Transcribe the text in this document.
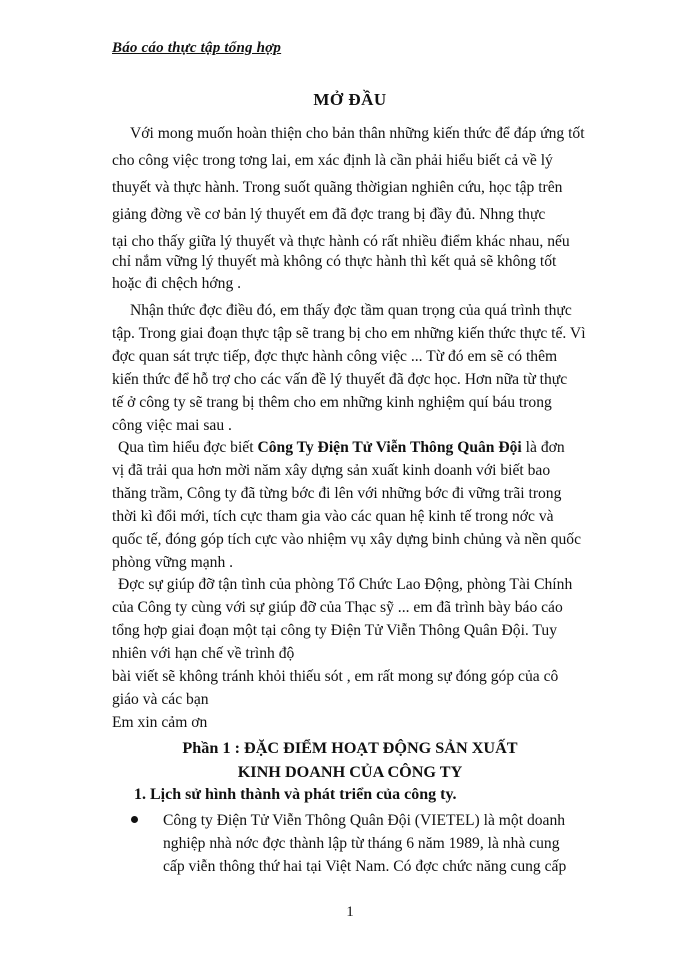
Báo cáo thực tập tổng hợp
MỞ ĐẦU
Với mong muốn hoàn thiện cho bản thân những kiến thức để đáp ứng tốt
cho công việc trong tơng lai, em xác định là cần phải hiểu biết cả về lý
thuyết và thực hành. Trong suốt quãng thờigian nghiên cứu, học tập trên
giảng đờng về cơ bản lý thuyết em đã đợc trang bị đầy đủ. Nhng thực
tại cho thấy giữa lý thuyết và thực hành có rất nhiều điểm khác nhau, nếu
chỉ nắm vững lý thuyết mà không có thực hành thì kết quả sẽ không tốt
hoặc đi chệch hớng .
Nhận thức đợc điều đó, em thấy đợc tầm quan trọng của quá trình thực
tập. Trong giai đoạn thực tập sẽ trang bị cho em những kiến thức thực tế. Vì
đợc quan sát trực tiếp, đợc thực hành công việc ... Từ đó em sẽ có thêm
kiến thức để hỗ trợ cho các vấn đề lý thuyết đã đợc học. Hơn nữa từ thực
tế ở công ty sẽ trang bị thêm cho em những kinh nghiệm quí báu trong
công việc mai sau .
Qua tìm hiểu đợc biết Công Ty Điện Tử Viễn Thông Quân Đội là đơn
vị đã trải qua hơn mời năm xây dựng sản xuất kinh doanh với biết bao
thăng trầm, Công ty đã từng bớc đi lên với những bớc đi vững trãi trong
thời kì đổi mới, tích cực tham gia vào các quan hệ kinh tế trong nớc và
quốc tế, đóng góp tích cực vào nhiệm vụ xây dựng binh chủng và nền quốc
phòng vững mạnh .
Đợc sự giúp đỡ tận tình của phòng Tổ Chức Lao Động, phòng Tài Chính
của Công ty cùng với sự giúp đỡ của Thạc sỹ ... em đã trình bày báo cáo
tổng hợp giai đoạn một tại công ty Điện Tử Viễn Thông Quân Đội. Tuy
nhiên với hạn chế về trình độ
bài viết sẽ không tránh khỏi thiếu sót , em rất mong sự đóng góp của cô
giáo và các bạn
Em xin cảm ơn
Phần 1 : ĐẶC ĐIỂM HOẠT ĐỘNG SẢN XUẤT
KINH DOANH CỦA CÔNG TY
1. Lịch sử hình thành và phát triển của công ty.
Công ty Điện Tử Viễn Thông Quân Đội (VIETEL) là một doanh
nghiệp nhà nớc đợc thành lập từ tháng 6 năm 1989, là nhà cung
cấp viễn thông thứ hai tại Việt Nam. Có đợc chức năng cung cấp
1
